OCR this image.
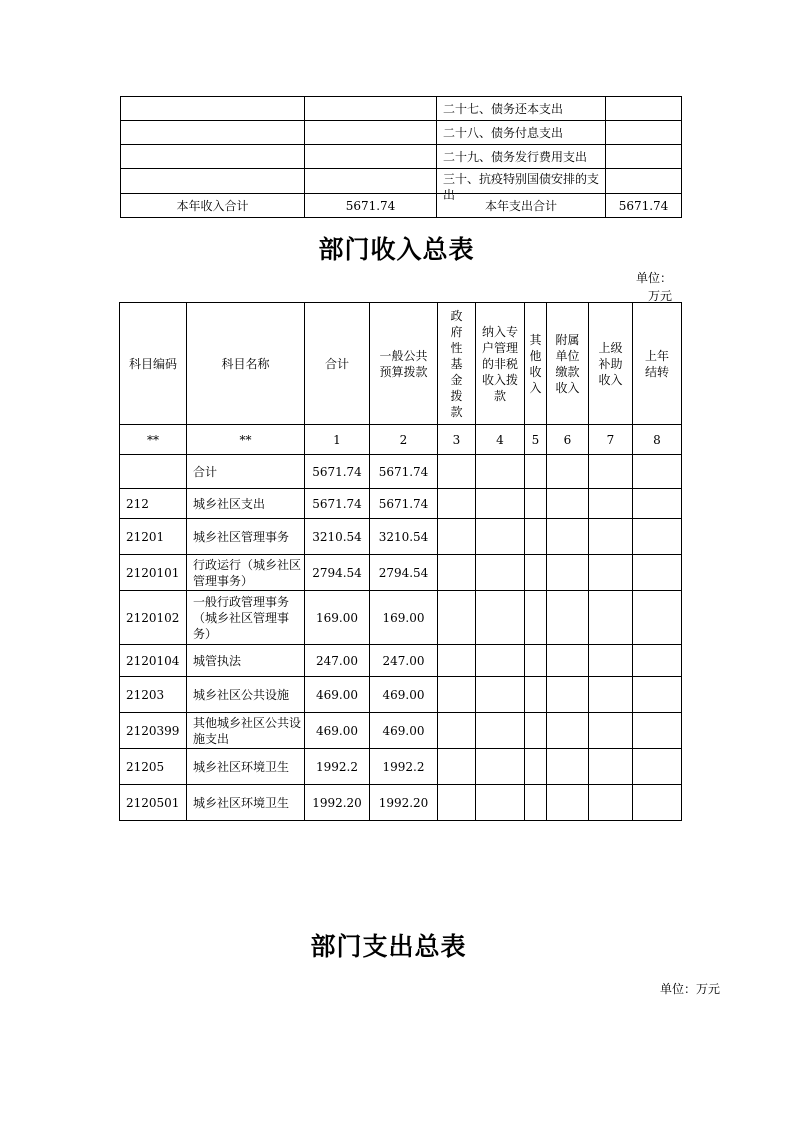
		二十七、债务还本支出	
		二十八、债务付息支出	
		二十九、债务发行费用支出	

		三十、抗疫特别国债安排的支出	

本年收入合计	5671.74	本年支出合计	5671.74
部门收入总表
单位：
万元
科目编码	科目名称	合计	一般公共预算拨款	政府性基金拨款	纳入专户管理的非税收入拨款	其他收入	附属单位缴款收入	上级补助收入	上年结转
**	**	1	2	3	4	5	6	7	8
	合计	5671.74	5671.74						
212	城乡社区支出	5671.74	5671.74						
21201	城乡社区管理事务	3210.54	3210.54						
2120101	行政运行（城乡社区管理事务）	2794.54	2794.54						
2120102	一般行政管理事务（城乡社区管理事务）	169.00	169.00						
2120104	城管执法	247.00	247.00						
21203	城乡社区公共设施	469.00	469.00						
2120399	其他城乡社区公共设施支出	469.00	469.00						
21205	城乡社区环境卫生	1992.2	1992.2						
2120501	城乡社区环境卫生	1992.20	1992.20						
部门支出总表
单位：万元
